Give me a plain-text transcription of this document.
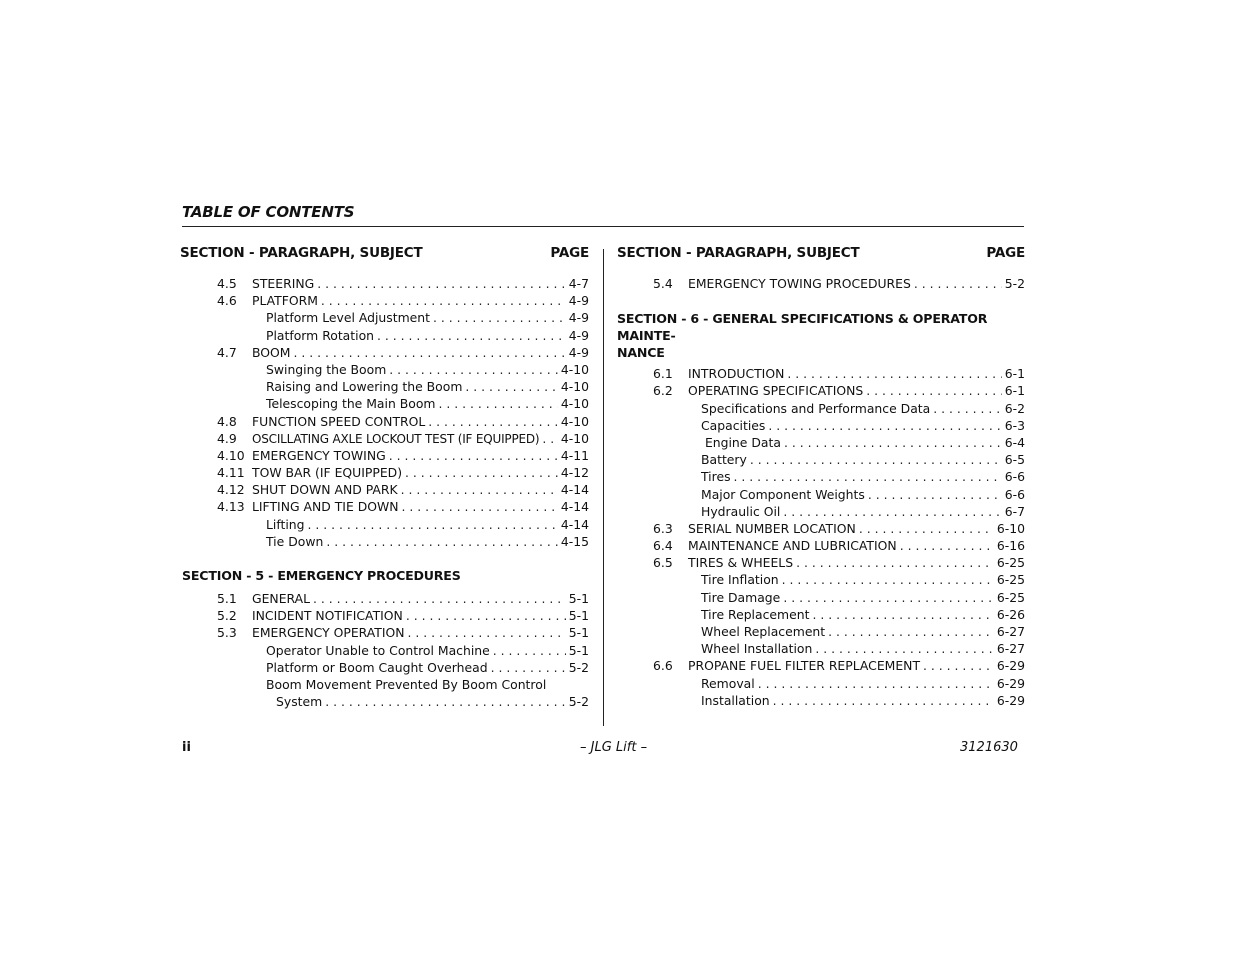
TABLE OF CONTENTS
SECTION - PARAGRAPH, SUBJECT	PAGE
4.5	STEERING . . .	4-7
4.6	PLATFORM . . .	4-9
Platform Level Adjustment . . .	4-9
Platform Rotation . . .	4-9
4.7	BOOM . . .	4-9
Swinging the Boom . . .	4-10
Raising and Lowering the Boom . . .	4-10
Telescoping the Main Boom . . .	4-10
4.8	FUNCTION SPEED CONTROL . . .	4-10
4.9	OSCILLATING AXLE LOCKOUT TEST (IF EQUIPPED) . . . 4-10
4.10 EMERGENCY TOWING . . .	4-11
4.11 TOW BAR (IF EQUIPPED) . . .	4-12
4.12 SHUT DOWN AND PARK . . .	4-14
4.13 LIFTING AND TIE DOWN . . .	4-14
Lifting . . .	4-14
Tie Down . . .	4-15
SECTION - 5 - EMERGENCY PROCEDURES
5.1	GENERAL . . .	5-1
5.2	INCIDENT NOTIFICATION . . .	5-1
5.3	EMERGENCY OPERATION . . .	5-1
Operator Unable to Control Machine . . .	5-1
Platform or Boom Caught Overhead . . .	5-2
Boom Movement Prevented By Boom Control
System . . .	5-2
SECTION - PARAGRAPH, SUBJECT	PAGE
5.4	EMERGENCY TOWING PROCEDURES . . .	5-2
SECTION - 6 - GENERAL SPECIFICATIONS & OPERATOR MAINTE-
NANCE
6.1	INTRODUCTION . . .	6-1
6.2	OPERATING SPECIFICATIONS . . .	6-1
Specifications and Performance Data . . .	6-2
Capacities . . .	6-3
Engine Data . . .	6-4
Battery . . .	6-5
Tires . . .	6-6
Major Component Weights . . .	6-6
Hydraulic Oil . . .	6-7
6.3	SERIAL NUMBER LOCATION . . .	6-10
6.4	MAINTENANCE AND LUBRICATION . . .	6-16
6.5	TIRES & WHEELS . . .	6-25
Tire Inflation . . .	6-25
Tire Damage . . .	6-25
Tire Replacement . . .	6-26
Wheel Replacement . . .	6-27
Wheel Installation . . .	6-27
6.6	PROPANE FUEL FILTER REPLACEMENT . . .	6-29
Removal . . .	6-29
Installation . . .	6-29
ii	– JLG Lift –	3121630
